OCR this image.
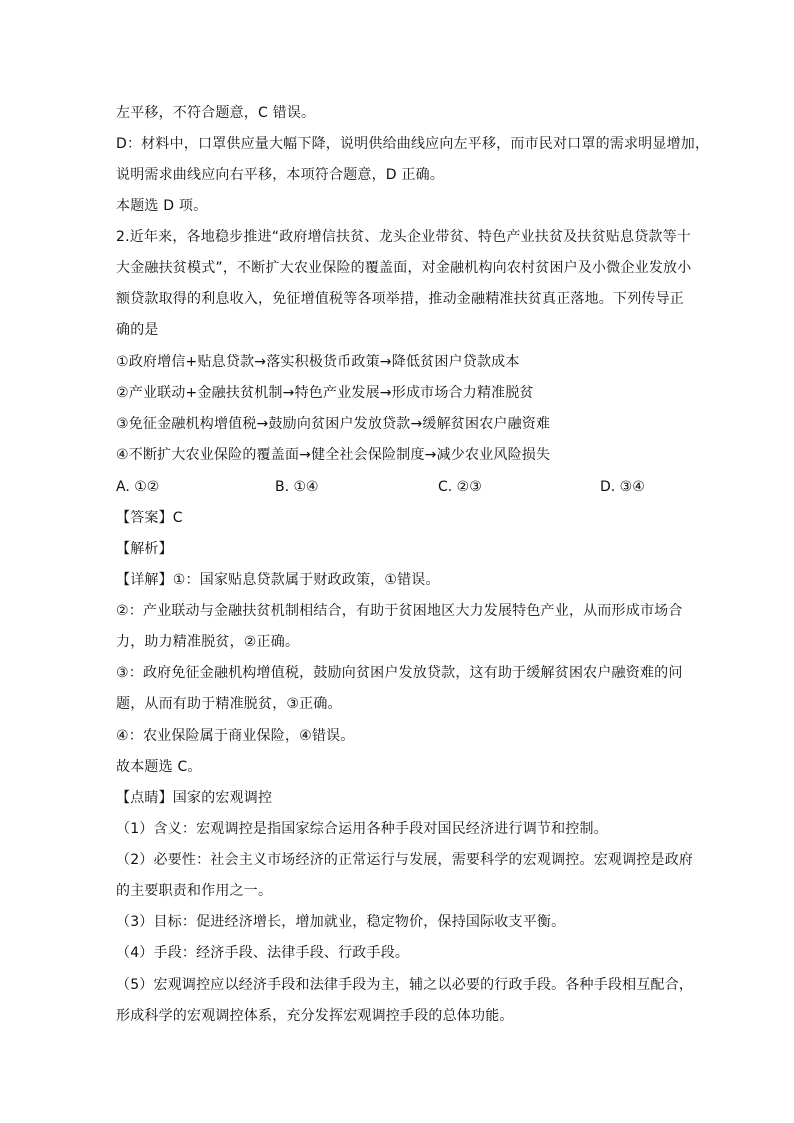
左平移，不符合题意，C 错误。
D：材料中，口罩供应量大幅下降，说明供给曲线应向左平移，而市民对口罩的需求明显增加，
说明需求曲线应向右平移，本项符合题意，D 正确。
本题选 D 项。
2.近年来，各地稳步推进“政府增信扶贫、龙头企业带贫、特色产业扶贫及扶贫贴息贷款等十
大金融扶贫模式”，不断扩大农业保险的覆盖面，对金融机构向农村贫困户及小微企业发放小
额贷款取得的利息收入，免征增值税等各项举措，推动金融精准扶贫真正落地。下列传导正
确的是
①政府增信+贴息贷款→落实积极货币政策→降低贫困户贷款成本
②产业联动+金融扶贫机制→特色产业发展→形成市场合力精准脱贫
③免征金融机构增值税→鼓励向贫困户发放贷款→缓解贫困农户融资难
④不断扩大农业保险的覆盖面→健全社会保险制度→减少农业风险损失
A. ①②	B. ①④	C. ②③	D. ③④
【答案】C
【解析】
【详解】①：国家贴息贷款属于财政政策，①错误。
②：产业联动与金融扶贫机制相结合，有助于贫困地区大力发展特色产业，从而形成市场合
力，助力精准脱贫，②正确。
③：政府免征金融机构增值税，鼓励向贫困户发放贷款，这有助于缓解贫困农户融资难的问
题，从而有助于精准脱贫，③正确。
④：农业保险属于商业保险，④错误。
故本题选 C。
【点睛】国家的宏观调控
（1）含义：宏观调控是指国家综合运用各种手段对国民经济进行调节和控制。
（2）必要性：社会主义市场经济的正常运行与发展，需要科学的宏观调控。宏观调控是政府
的主要职责和作用之一。
（3）目标：促进经济增长，增加就业，稳定物价，保持国际收支平衡。
（4）手段：经济手段、法律手段、行政手段。
（5）宏观调控应以经济手段和法律手段为主，辅之以必要的行政手段。各种手段相互配合，
形成科学的宏观调控体系，充分发挥宏观调控手段的总体功能。
